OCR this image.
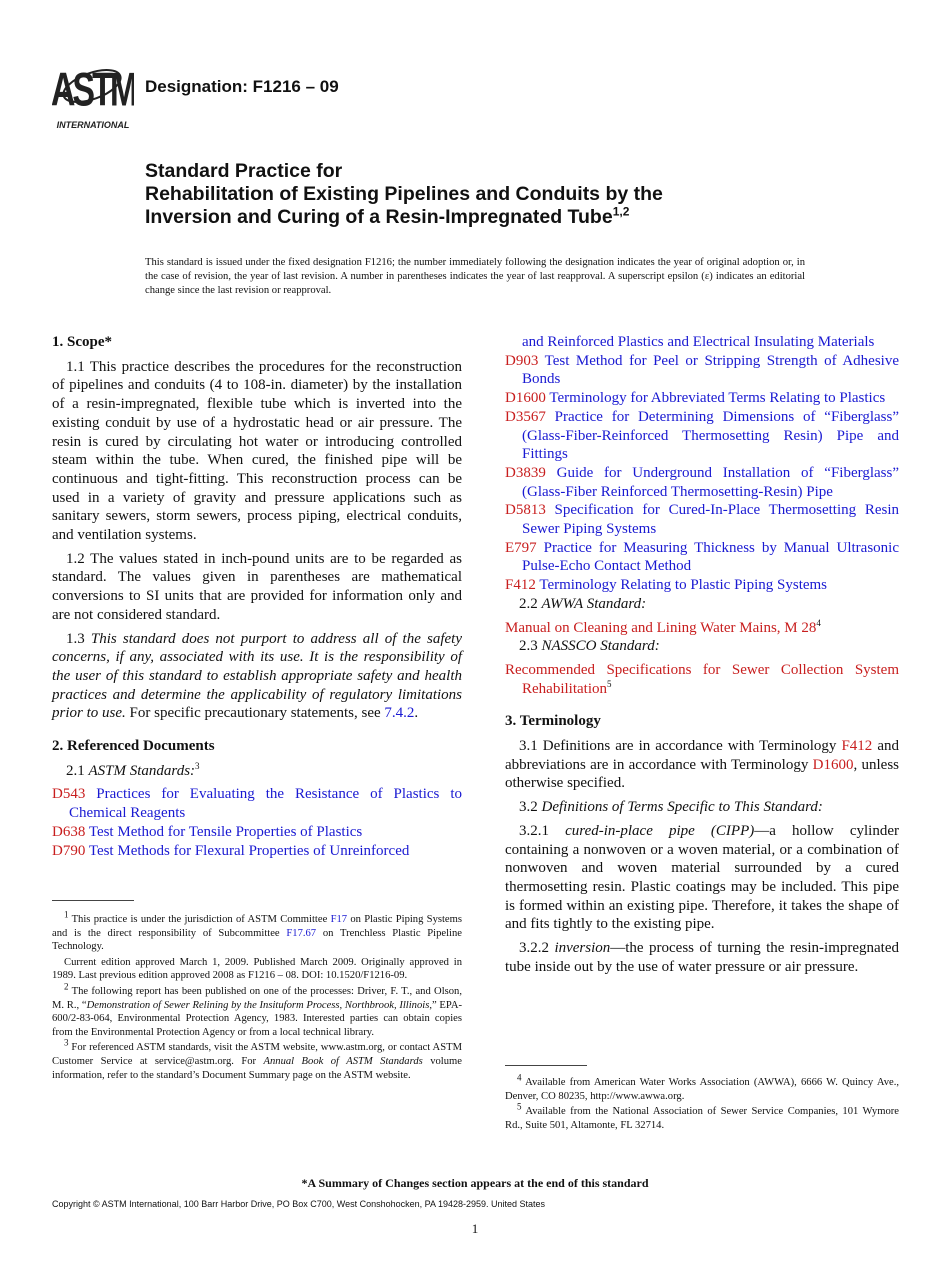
ASTM
INTERNATIONAL
Designation: F1216 – 09
Standard Practice for
Rehabilitation of Existing Pipelines and Conduits by the
Inversion and Curing of a Resin-Impregnated Tube$^{1,2}$
This standard is issued under the fixed designation F1216; the number immediately following the designation indicates the year of original adoption or, in the case of revision, the year of last revision. A number in parentheses indicates the year of last reapproval. A superscript epsilon (ε) indicates an editorial change since the last revision or reapproval.
1. Scope*

1.1 This practice describes the procedures for the reconstruction of pipelines and conduits (4 to 108-in. diameter) by the installation of a resin-impregnated, flexible tube which is inverted into the existing conduit by use of a hydrostatic head or air pressure. The resin is cured by circulating hot water or introducing controlled steam within the tube. When cured, the finished pipe will be continuous and tight-fitting. This reconstruction process can be used in a variety of gravity and pressure applications such as sanitary sewers, storm sewers, process piping, electrical conduits, and ventilation systems.

1.2 The values stated in inch-pound units are to be regarded as standard. The values given in parentheses are mathematical conversions to SI units that are provided for information only and are not considered standard.

1.3 This standard does not purport to address all of the safety concerns, if any, associated with its use. It is the responsibility of the user of this standard to establish appropriate safety and health practices and determine the applicability of regulatory limitations prior to use. For specific precautionary statements, see 7.4.2.

2. Referenced Documents

2.1 ASTM Standards:$^3$

D543 Practices for Evaluating the Resistance of Plastics to Chemical Reagents

D638 Test Method for Tensile Properties of Plastics

D790 Test Methods for Flexural Properties of Unreinforced

and Reinforced Plastics and Electrical Insulating Materials

D903 Test Method for Peel or Stripping Strength of Adhesive Bonds

D1600 Terminology for Abbreviated Terms Relating to Plastics

D3567 Practice for Determining Dimensions of “Fiberglass” (Glass-Fiber-Reinforced Thermosetting Resin) Pipe and Fittings

D3839 Guide for Underground Installation of “Fiberglass” (Glass-Fiber Reinforced Thermosetting-Resin) Pipe

D5813 Specification for Cured-In-Place Thermosetting Resin Sewer Piping Systems

E797 Practice for Measuring Thickness by Manual Ultrasonic Pulse-Echo Contact Method

F412 Terminology Relating to Plastic Piping Systems

2.2 AWWA Standard:

Manual on Cleaning and Lining Water Mains, M $28^4$

2.3 NASSCO Standard:

Recommended Specifications for Sewer Collection System Rehabilitation$^5$

3. Terminology

3.1 Definitions are in accordance with Terminology F412 and abbreviations are in accordance with Terminology D1600, unless otherwise specified.

3.2 Definitions of Terms Specific to This Standard:

3.2.1 cured-in-place pipe (CIPP)—a hollow cylinder containing a nonwoven or a woven material, or a combination of nonwoven and woven material surrounded by a cured thermosetting resin. Plastic coatings may be included. This pipe is formed within an existing pipe. Therefore, it takes the shape of and fits tightly to the existing pipe.

3.2.2 inversion—the process of turning the resin-impregnated tube inside out by the use of water pressure or air pressure.

$^1$ This practice is under the jurisdiction of ASTM Committee F17 on Plastic Piping Systems and is the direct responsibility of Subcommittee F17.67 on Trenchless Plastic Pipeline Technology.

Current edition approved March 1, 2009. Published March 2009. Originally approved in 1989. Last previous edition approved 2008 as F1216 – 08. DOI: 10.1520/F1216-09.

$^2$ The following report has been published on one of the processes: Driver, F. T., and Olson, M. R., “Demonstration of Sewer Relining by the Insituform Process, Northbrook, Illinois,” EPA-600/2-83-064, Environmental Protection Agency, 1983. Interested parties can obtain copies from the Environmental Protection Agency or from a local technical library.

$^3$ For referenced ASTM standards, visit the ASTM website, www.astm.org, or contact ASTM Customer Service at service@astm.org. For Annual Book of ASTM Standards volume information, refer to the standard’s Document Summary page on the ASTM website.	$^4$ Available from American Water Works Association (AWWA), 6666 W. Quincy Ave., Denver, CO 80235, http://www.awwa.org.

$^5$ Available from the National Association of Sewer Service Companies, 101 Wymore Rd., Suite 501, Altamonte, FL 32714.

*A Summary of Changes section appears at the end of this standard
Copyright © ASTM International, 100 Barr Harbor Drive, PO Box C700, West Conshohocken, PA 19428-2959. United States
1
